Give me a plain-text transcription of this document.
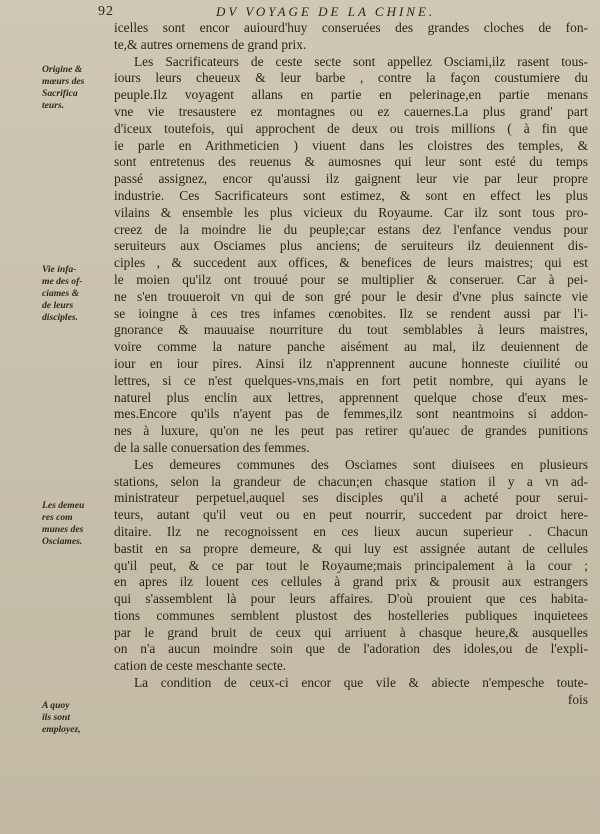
92	DV VOYAGE DE LA CHINE.
Origine &
mœurs des
Sacrifica
teurs.
Vie infa-
me des of-
ciames &
de leurs
disciples.
Les demeu
res com
munes des
Osciames.
A quoy
ils sont
employez,
icelles sont encor auiourd'huy conseruées des grandes cloches de fon-
te,& autres ornemens de grand prix.
Les Sacrificateurs de ceste secte sont appellez Osciami,ilz rasent tous-
iours leurs cheueux & leur barbe , contre la façon coustumiere du
peuple.Ilz voyagent allans en partie en pelerinage,en partie menans
vne vie tresaustere ez montagnes ou ez cauernes.La plus grand' part
d'iceux toutefois, qui approchent de deux ou trois millions ( à fin que
ie parle en Arithmeticien ) viuent dans les cloistres des temples, &
sont entretenus des reuenus & aumosnes qui leur sont esté du temps
passé assignez, encor qu'aussi ilz gaignent leur vie par leur propre
industrie. Ces Sacrificateurs sont estimez, & sont en effect les plus
vilains & ensemble les plus vicieux du Royaume. Car ilz sont tous pro-
creez de la moindre lie du peuple;car estans dez l'enfance vendus pour
seruiteurs aux Osciames plus anciens; de seruiteurs ilz deuiennent dis-
ciples , & succedent aux offices, & benefices de leurs maistres; qui est
le moien qu'ilz ont trouué pour se multiplier & conseruer. Car à pei-
ne s'en trouueroit vn qui de son gré pour le desir d'vne plus saincte vie
se ioingne à ces tres infames cœnobites. Ilz se rendent aussi par l'i-
gnorance & mauuaise nourriture du tout semblables à leurs maistres,
voire comme la nature panche aisément au mal, ilz deuiennent de
iour en iour pires. Ainsi ilz n'apprennent aucune honneste ciuilité ou
lettres, si ce n'est quelques-vns,mais en fort petit nombre, qui ayans le
naturel plus enclin aux lettres, apprennent quelque chose d'eux mes-
mes.Encore qu'ils n'ayent pas de femmes,ilz sont neantmoins si addon-
nes à luxure, qu'on ne les peut pas retirer qu'auec de grandes punitions
de la salle conuersation des femmes.
Les demeures communes des Osciames sont diuisees en plusieurs
stations, selon la grandeur de chacun;en chasque station il y a vn ad-
ministrateur perpetuel,auquel ses disciples qu'il a acheté pour serui-
teurs, autant qu'il veut ou en peut nourrir, succedent par droict here-
ditaire. Ilz ne recognoissent en ces lieux aucun superieur . Chacun
bastit en sa propre demeure, & qui luy est assignée autant de cellules
qu'il peut, & ce par tout le Royaume;mais principalement à la cour ;
en apres ilz louent ces cellules à grand prix & prousit aux estrangers
qui s'assemblent là pour leurs affaires. D'où prouient que ces habita-
tions communes semblent plustost des hostelleries publiques inquietees
par le grand bruit de ceux qui arriuent à chasque heure,& ausquelles
on n'a aucun moindre soin que de l'adoration des idoles,ou de l'expli-
cation de ceste meschante secte.
La condition de ceux-ci encor que vile & abiecte n'empesche toute-
fois
